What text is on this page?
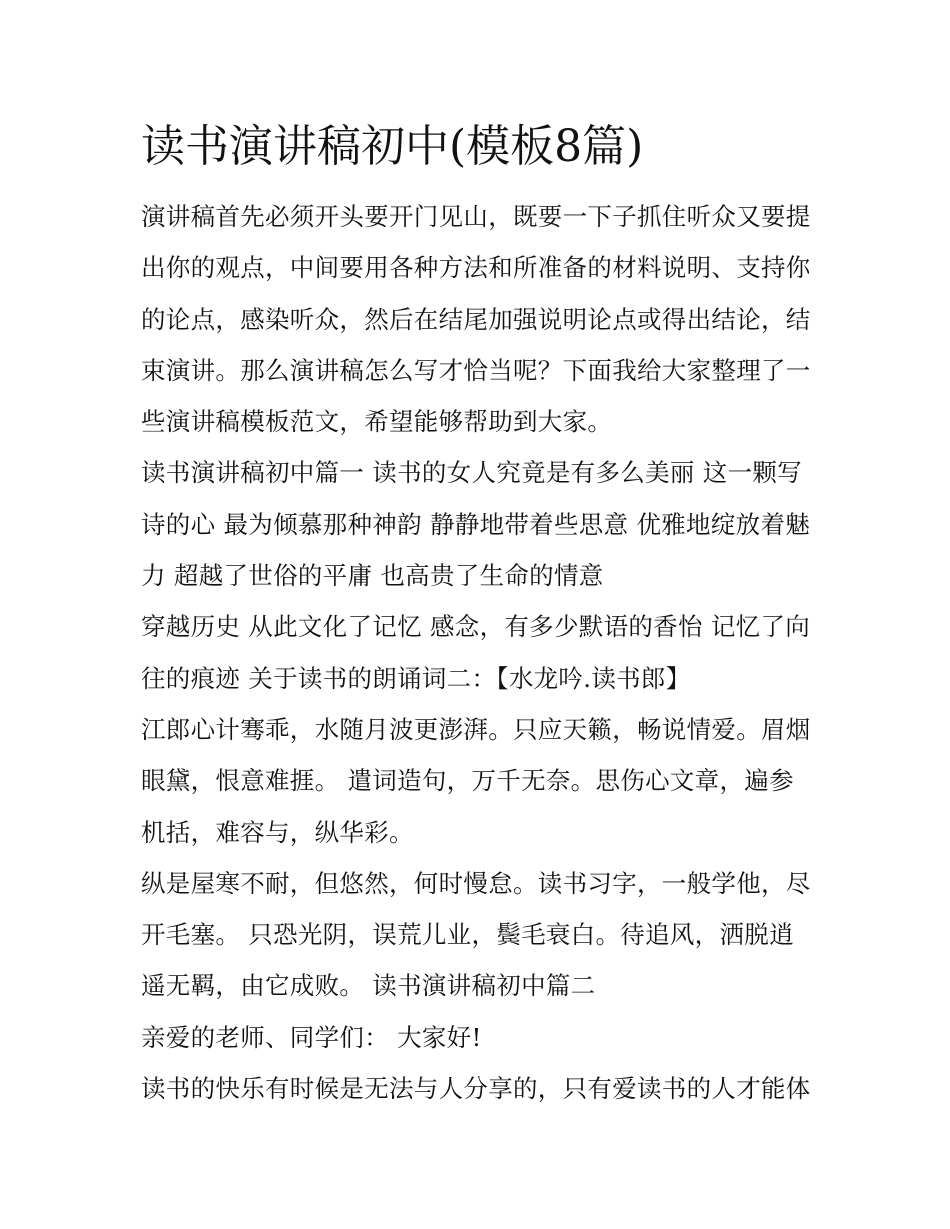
读书演讲稿初中(模板8篇)
演讲稿首先必须开头要开门见山，既要一下子抓住听众又要提
出你的观点，中间要用各种方法和所准备的材料说明、支持你
的论点，感染听众，然后在结尾加强说明论点或得出结论，结
束演讲。那么演讲稿怎么写才恰当呢？下面我给大家整理了一
些演讲稿模板范文，希望能够帮助到大家。
读书演讲稿初中篇一 读书的女人究竟是有多么美丽 这一颗写
诗的心 最为倾慕那种神韵 静静地带着些思意 优雅地绽放着魅
力 超越了世俗的平庸 也高贵了生命的情意
穿越历史 从此文化了记忆 感念，有多少默语的香怡 记忆了向
往的痕迹 关于读书的朗诵词二：【水龙吟.读书郎】
江郎心计骞乖，水随月波更澎湃。只应天籁，畅说情爱。眉烟
眼黛，恨意难捱。 遣词造句，万千无奈。思伤心文章，遍参
机括，难容与，纵华彩。
纵是屋寒不耐，但悠然，何时慢怠。读书习字，一般学他，尽
开毛塞。 只恐光阴，误荒儿业，鬓毛衰白。待追风，洒脱逍
遥无羁，由它成败。 读书演讲稿初中篇二
亲爱的老师、同学们： 大家好!
读书的快乐有时候是无法与人分享的，只有爱读书的人才能体
